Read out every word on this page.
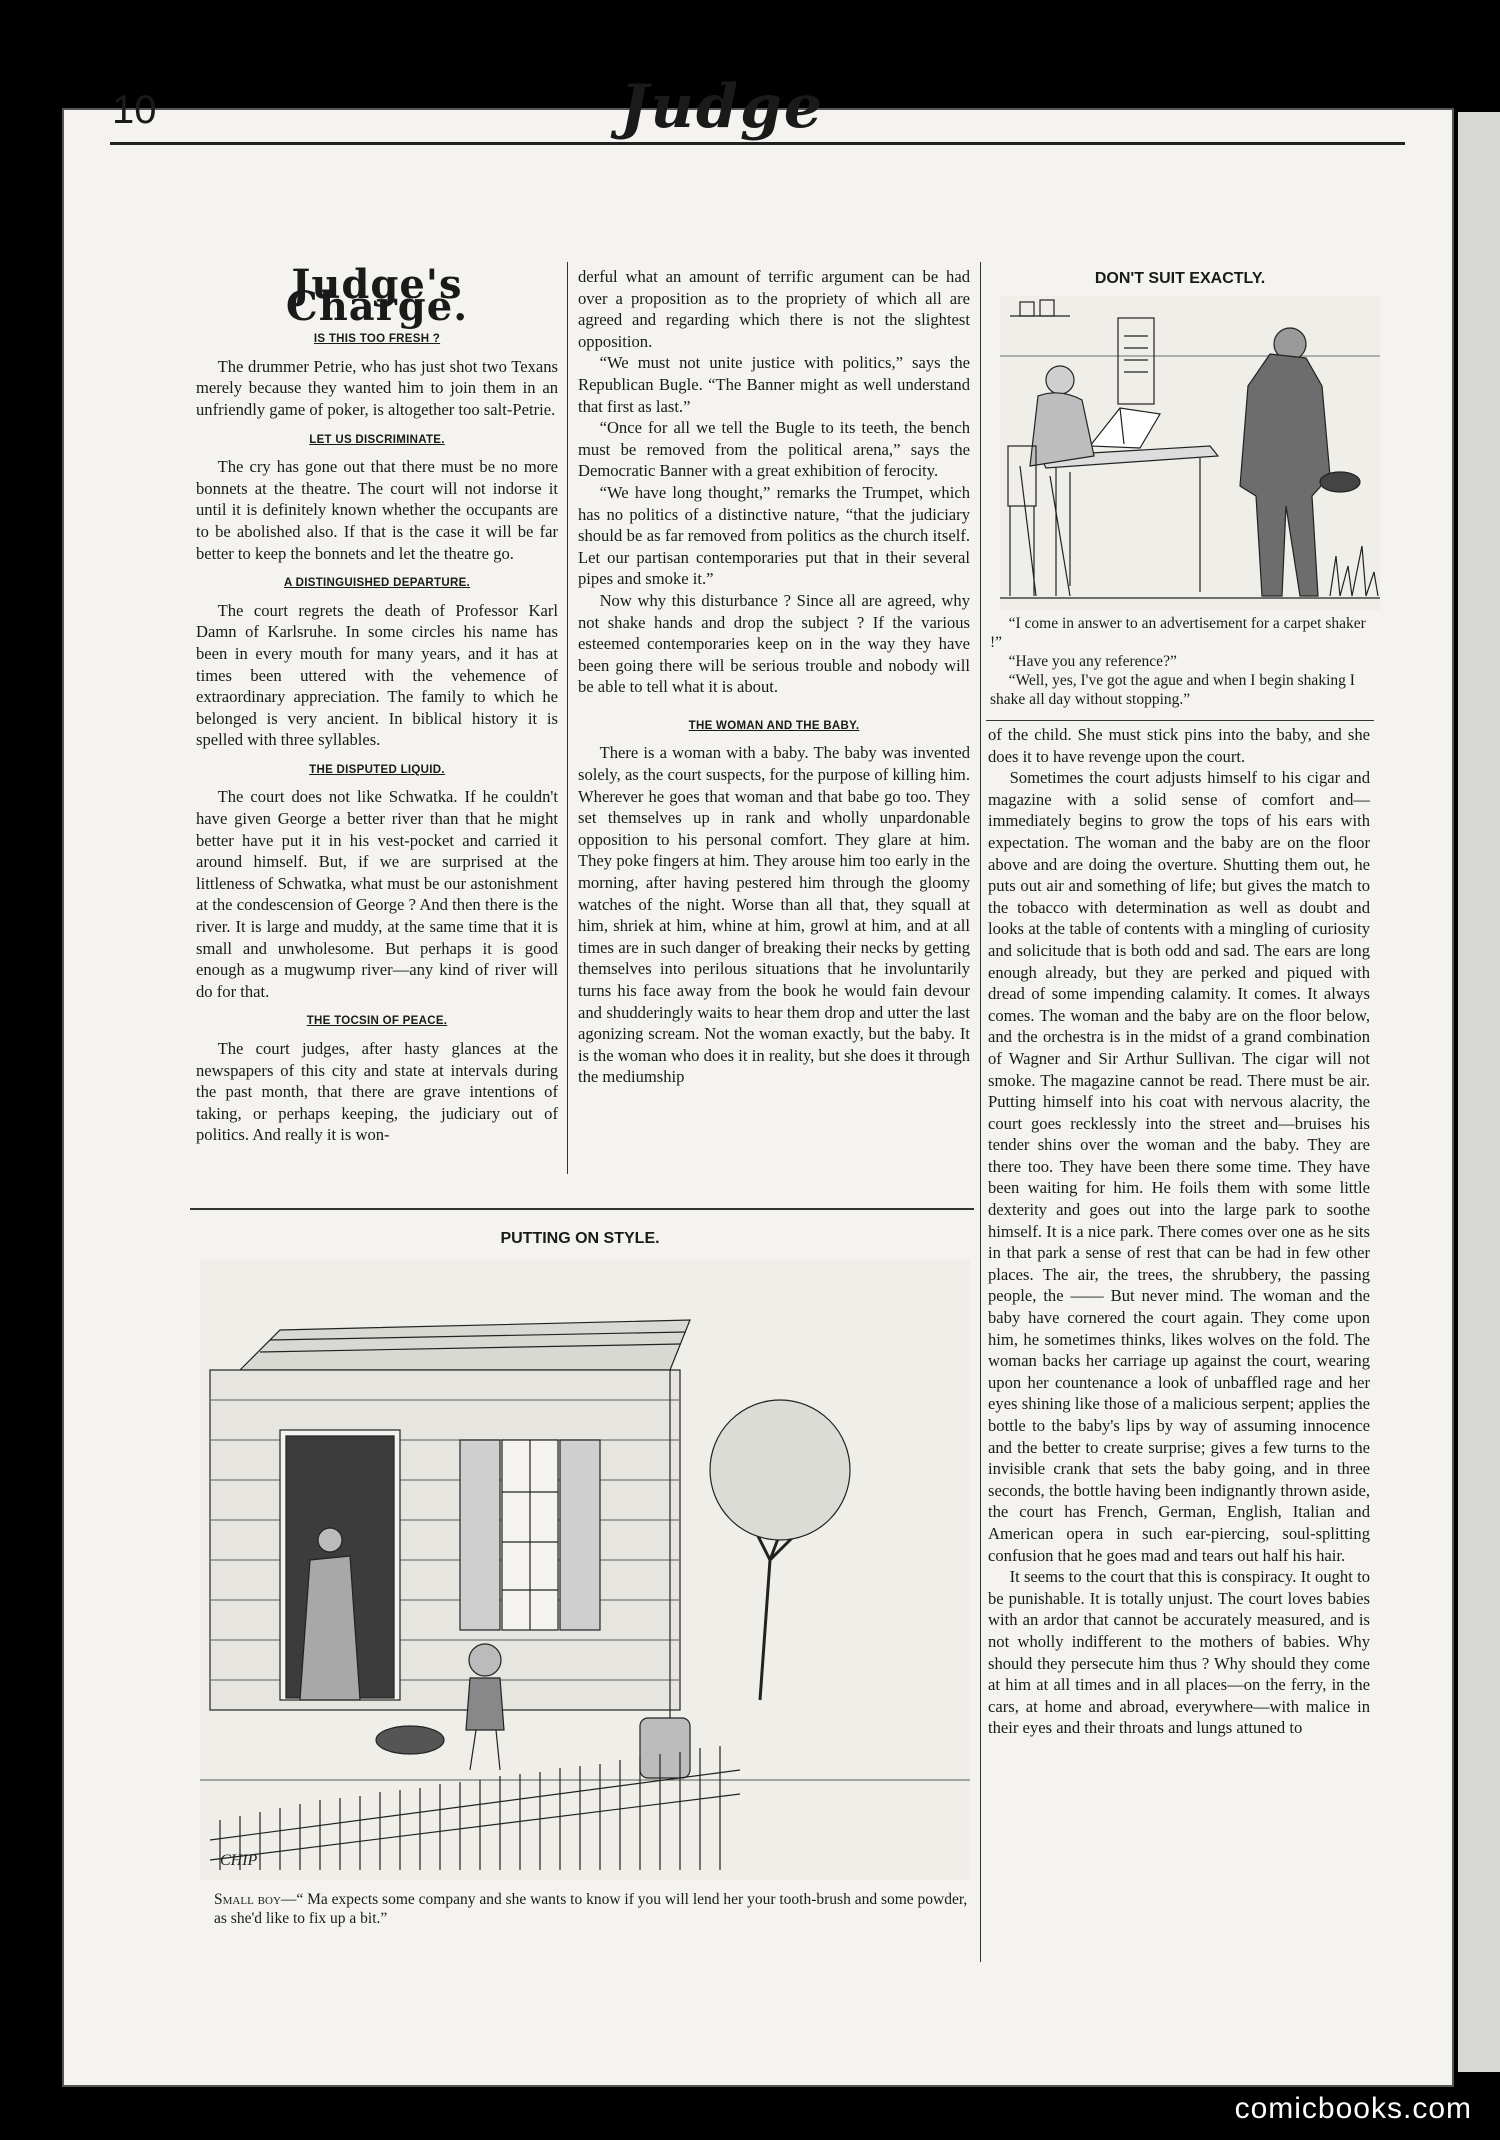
10	Judge
Judge's Charge.
IS THIS TOO FRESH ?

The drummer Petrie, who has just shot two Texans merely because they wanted him to join them in an unfriendly game of poker, is altogether too salt-Petrie.

LET US DISCRIMINATE.

The cry has gone out that there must be no more bonnets at the theatre. The court will not indorse it until it is definitely known whether the occupants are to be abolished also. If that is the case it will be far better to keep the bonnets and let the theatre go.

A DISTINGUISHED DEPARTURE.

The court regrets the death of Professor Karl Damn of Karlsruhe. In some circles his name has been in every mouth for many years, and it has at times been uttered with the vehemence of extraordinary appreciation. The family to which he belonged is very ancient. In biblical history it is spelled with three syllables.

THE DISPUTED LIQUID.

The court does not like Schwatka. If he couldn't have given George a better river than that he might better have put it in his vest-pocket and carried it around himself. But, if we are surprised at the littleness of Schwatka, what must be our astonishment at the condescension of George ? And then there is the river. It is large and muddy, at the same time that it is small and unwholesome. But perhaps it is good enough as a mugwump river—any kind of river will do for that.

THE TOCSIN OF PEACE.

The court judges, after hasty glances at the newspapers of this city and state at intervals during the past month, that there are grave intentions of taking, or perhaps keeping, the judiciary out of politics. And really it is won-

derful what an amount of terrific argument can be had over a proposition as to the propriety of which all are agreed and regarding which there is not the slightest opposition.

“We must not unite justice with politics,” says the Republican Bugle. “The Banner might as well understand that first as last.”

“Once for all we tell the Bugle to its teeth, the bench must be removed from the political arena,” says the Democratic Banner with a great exhibition of ferocity.

“We have long thought,” remarks the Trumpet, which has no politics of a distinctive nature, “that the judiciary should be as far removed from politics as the church itself. Let our partisan contemporaries put that in their several pipes and smoke it.”

Now why this disturbance ? Since all are agreed, why not shake hands and drop the subject ? If the various esteemed contemporaries keep on in the way they have been going there will be serious trouble and nobody will be able to tell what it is about.

THE WOMAN AND THE BABY.

There is a woman with a baby. The baby was invented solely, as the court suspects, for the purpose of killing him. Wherever he goes that woman and that babe go too. They set themselves up in rank and wholly unpardonable opposition to his personal comfort. They glare at him. They poke fingers at him. They arouse him too early in the morning, after having pestered him through the gloomy watches of the night. Worse than all that, they squall at him, shriek at him, whine at him, growl at him, and at all times are in such danger of breaking their necks by getting themselves into perilous situations that he involuntarily turns his face away from the book he would fain devour and shudderingly waits to hear them drop and utter the last agonizing scream. Not the woman exactly, but the baby. It is the woman who does it in reality, but she does it through the mediumship

DON'T SUIT EXACTLY.

“I come in answer to an advertisement for a carpet shaker !”

“Have you any reference?”

“Well, yes, I've got the ague and when I begin shaking I shake all day without stopping.”

of the child. She must stick pins into the baby, and she does it to have revenge upon the court.

Sometimes the court adjusts himself to his cigar and magazine with a solid sense of comfort and—immediately begins to grow the tops of his ears with expectation. The woman and the baby are on the floor above and are doing the overture. Shutting them out, he puts out air and something of life; but gives the match to the tobacco with determination as well as doubt and looks at the table of contents with a mingling of curiosity and solicitude that is both odd and sad. The ears are long enough already, but they are perked and piqued with dread of some impending calamity. It comes. It always comes. The woman and the baby are on the floor below, and the orchestra is in the midst of a grand combination of Wagner and Sir Arthur Sullivan. The cigar will not smoke. The magazine cannot be read. There must be air. Putting himself into his coat with nervous alacrity, the court goes recklessly into the street and—bruises his tender shins over the woman and the baby. They are there too. They have been there some time. They have been waiting for him. He foils them with some little dexterity and goes out into the large park to soothe himself. It is a nice park. There comes over one as he sits in that park a sense of rest that can be had in few other places. The air, the trees, the shrubbery, the passing people, the —— But never mind. The woman and the baby have cornered the court again. They come upon him, he sometimes thinks, likes wolves on the fold. The woman backs her carriage up against the court, wearing upon her countenance a look of unbaffled rage and her eyes shining like those of a malicious serpent; applies the bottle to the baby's lips by way of assuming innocence and the better to create surprise; gives a few turns to the invisible crank that sets the baby going, and in three seconds, the bottle having been indignantly thrown aside, the court has French, German, English, Italian and American opera in such ear-piercing, soul-splitting confusion that he goes mad and tears out half his hair.

It seems to the court that this is conspiracy. It ought to be punishable. It is totally unjust. The court loves babies with an ardor that cannot be accurately measured, and is not wholly indifferent to the mothers of babies. Why should they persecute him thus ? Why should they come at him at all times and in all places—on the ferry, in the cars, at home and abroad, everywhere—with malice in their eyes and their throats and lungs attuned to

PUTTING ON STYLE.
CHIP
Small boy—“ Ma expects some company and she wants to know if you will lend her your tooth-brush and some powder, as she'd like to fix up a bit.”
comicbooks.com
